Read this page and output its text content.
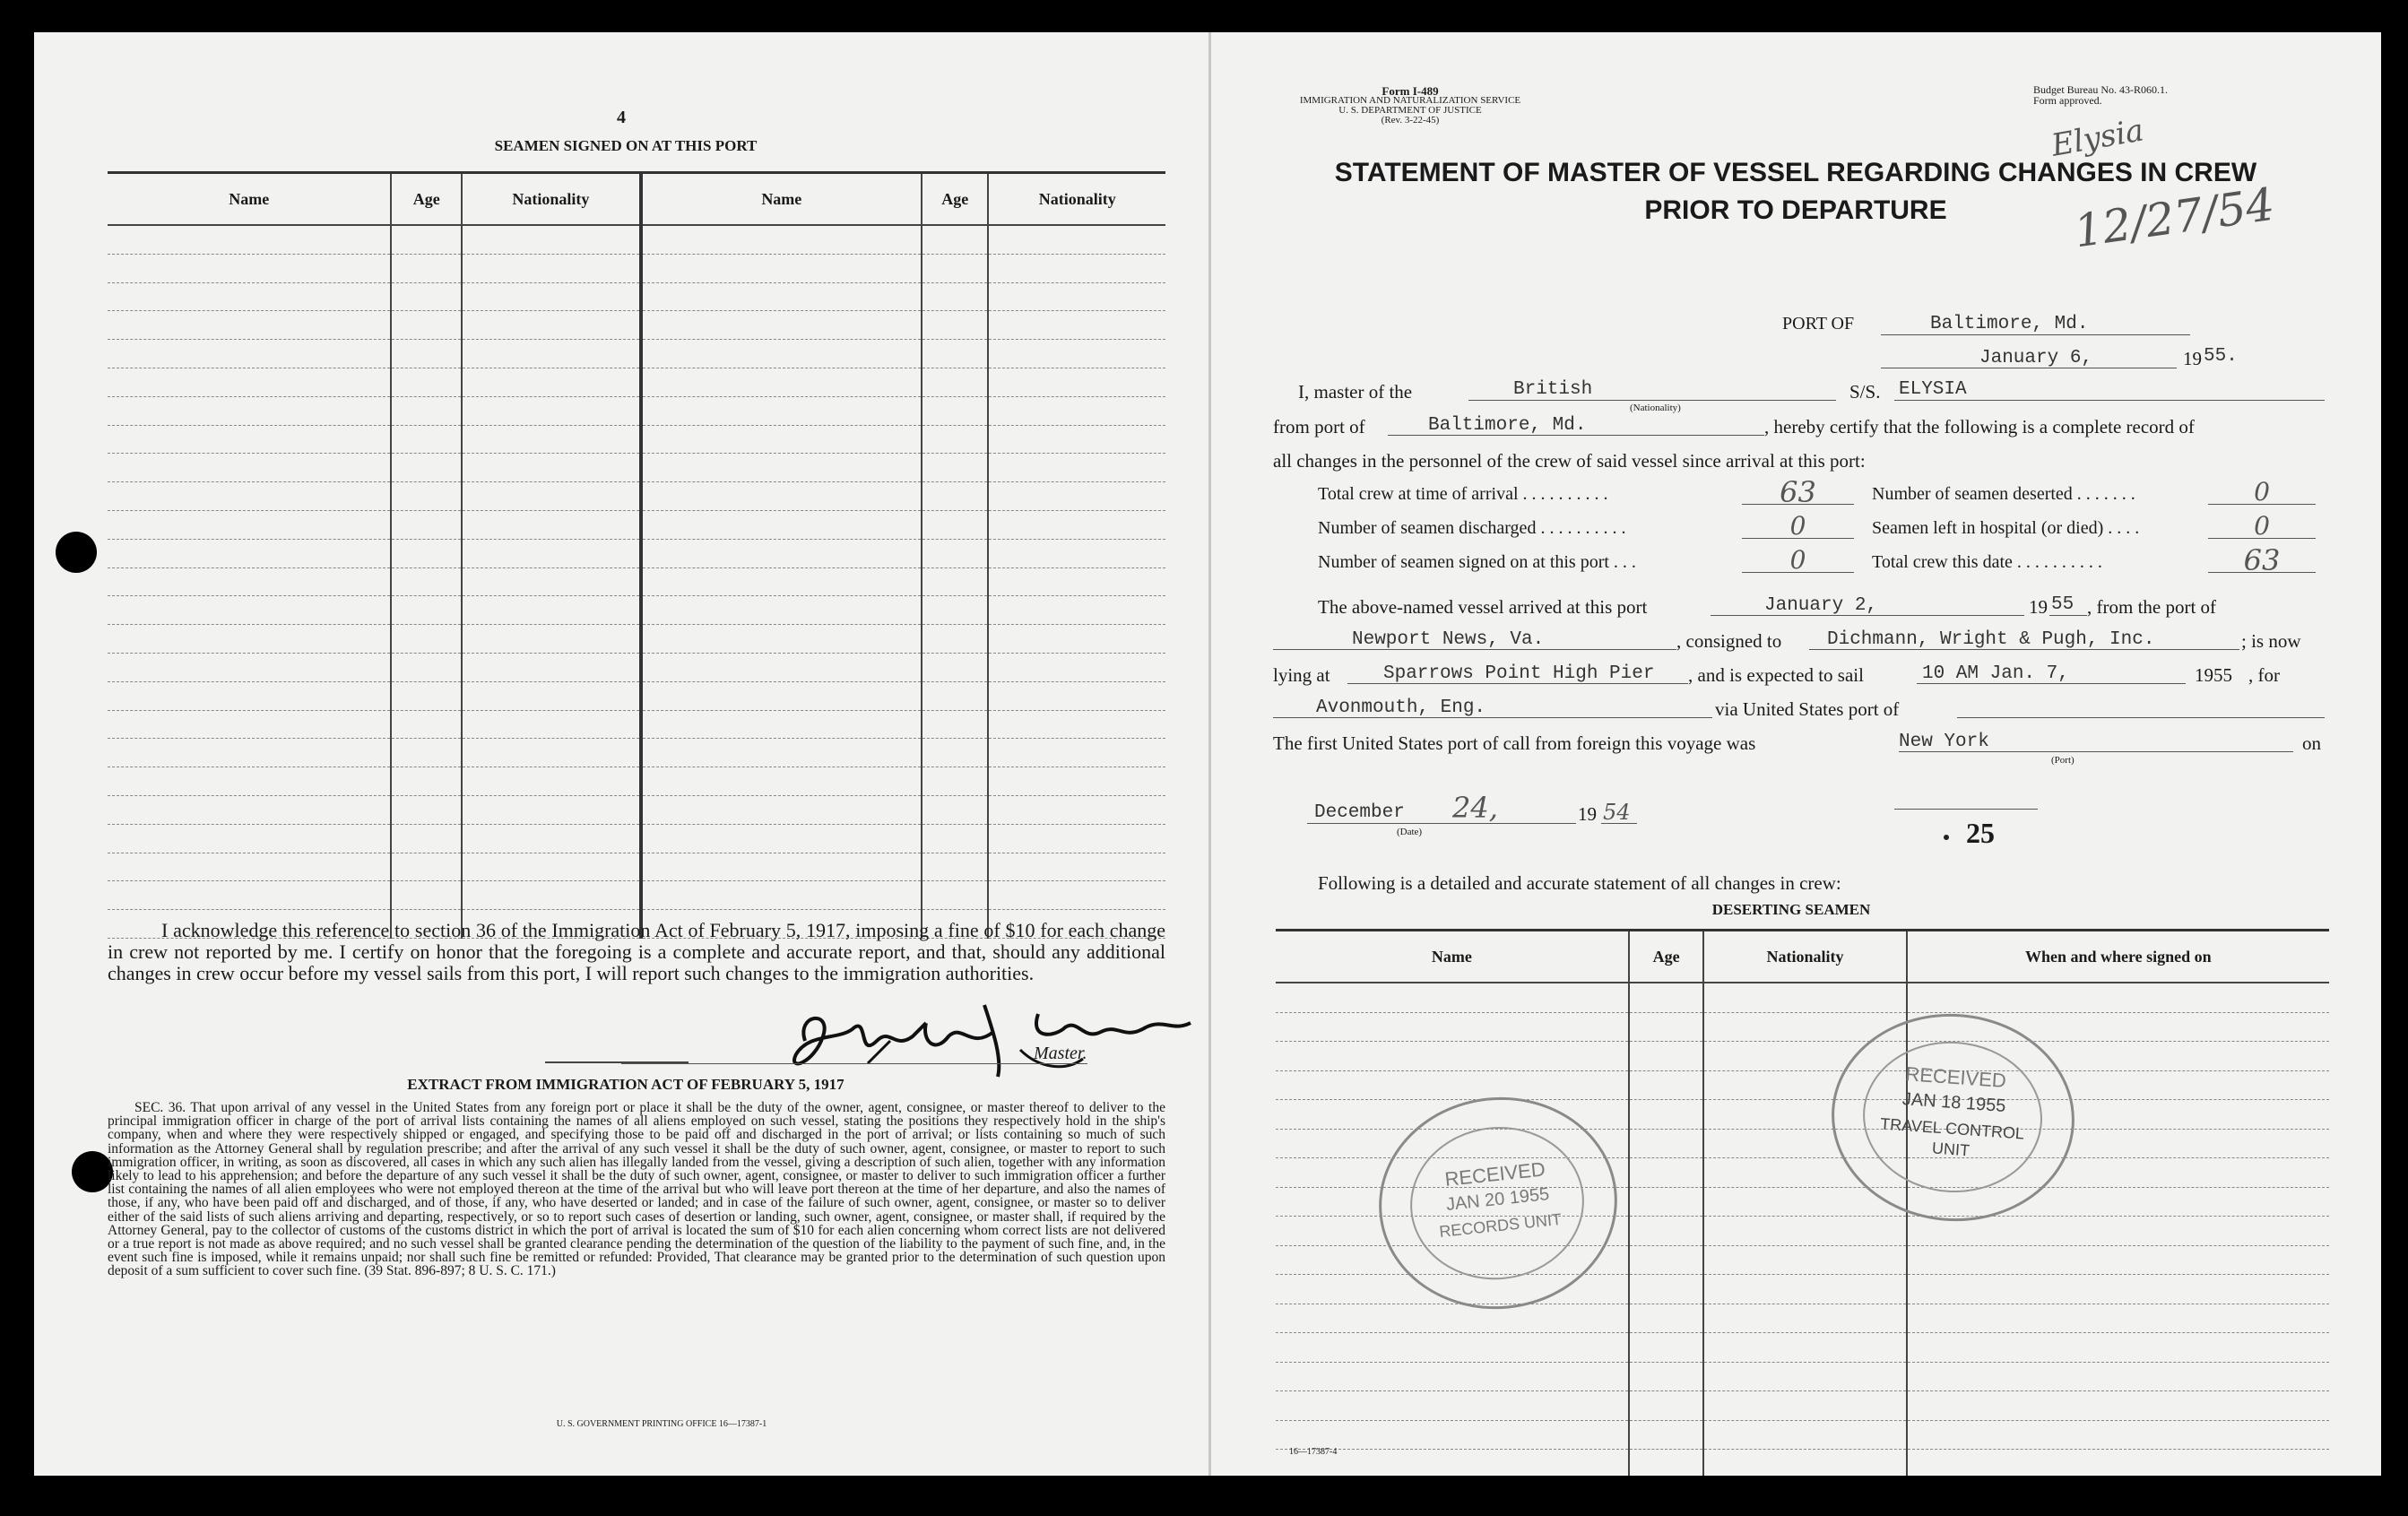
4
SEAMEN SIGNED ON AT THIS PORT
Name	Age	Nationality	Name	Age	Nationality

I acknowledge this reference to section 36 of the Immigration Act of February 5, 1917, imposing a fine of $10 for each change in crew not reported by me. I certify on honor that the foregoing is a complete and accurate report, and that, should any additional changes in crew occur before my vessel sails from this port, I will report such changes to the immigration authorities.
Master.
EXTRACT FROM IMMIGRATION ACT OF FEBRUARY 5, 1917
SEC. 36. That upon arrival of any vessel in the United States from any foreign port or place it shall be the duty of the owner, agent, consignee, or master thereof to deliver to the principal immigration officer in charge of the port of arrival lists containing the names of all aliens employed on such vessel, stating the positions they respectively hold in the ship's company, when and where they were respectively shipped or engaged, and specifying those to be paid off and discharged in the port of arrival; or lists containing so much of such information as the Attorney General shall by regulation prescribe; and after the arrival of any such vessel it shall be the duty of such owner, agent, consignee, or master to report to such immigration officer, in writing, as soon as discovered, all cases in which any such alien has illegally landed from the vessel, giving a description of such alien, together with any information likely to lead to his apprehension; and before the departure of any such vessel it shall be the duty of such owner, agent, consignee, or master to deliver to such immigration officer a further list containing the names of all alien employees who were not employed thereon at the time of the arrival but who will leave port thereon at the time of her departure, and also the names of those, if any, who have been paid off and discharged, and of those, if any, who have deserted or landed; and in case of the failure of such owner, agent, consignee, or master so to deliver either of the said lists of such aliens arriving and departing, respectively, or so to report such cases of desertion or landing, such owner, agent, consignee, or master shall, if required by the Attorney General, pay to the collector of customs of the customs district in which the port of arrival is located the sum of $10 for each alien concerning whom correct lists are not delivered or a true report is not made as above required; and no such vessel shall be granted clearance pending the determination of the question of the liability to the payment of such fine, and, in the event such fine is imposed, while it remains unpaid; nor shall such fine be remitted or refunded: Provided, That clearance may be granted prior to the determination of such question upon deposit of a sum sufficient to cover such fine. (39 Stat. 896-897; 8 U. S. C. 171.)
U. S. GOVERNMENT PRINTING OFFICE 16—17387-1
Form I-489
IMMIGRATION AND NATURALIZATION SERVICE
U. S. DEPARTMENT OF JUSTICE
(Rev. 3-22-45)
Budget Bureau No. 43-R060.1.
Form approved.
Elysia
12/27/54
STATEMENT OF MASTER OF VESSEL REGARDING CHANGES IN CREW
PRIOR TO DEPARTURE
PORT OF	Baltimore, Md.
January 6,	19 55.
I, master of the	British
(Nationality)
S/S. ELYSIA
from port of	Baltimore, Md.	, hereby certify that the following is a complete record of
all changes in the personnel of the crew of said vessel since arrival at this port:
Total crew at time of arrival . . . . . . . . . .	63	Number of seamen deserted . . . . . . .	0
Number of seamen discharged . . . . . . . . . .	0	Seamen left in hospital (or died) . . . .	0
Number of seamen signed on at this port . . .	0	Total crew this date . . . . . . . . . .	63
The above-named vessel arrived at this port	January 2,	19 55 , from the port of
Newport News, Va.	, consigned to Dichmann, Wright & Pugh, Inc.	; is now
lying at	Sparrows Point High Pier , and is expected to sail	10 AM Jan. 7,	1955 , for
Avonmouth, Eng.	via United States port of
The first United States port of call from foreign this voyage was	New York
(Port)
on
December 24,
(Date)
19 54
25
Following is a detailed and accurate statement of all changes in crew:
DESERTING SEAMEN
Name	Age	Nationality	When and where signed on

RECEIVED
JAN 20 1955
RECORDS UNIT
RECEIVED
JAN 18 1955
TRAVEL CONTROL
UNIT
16—17387-4
